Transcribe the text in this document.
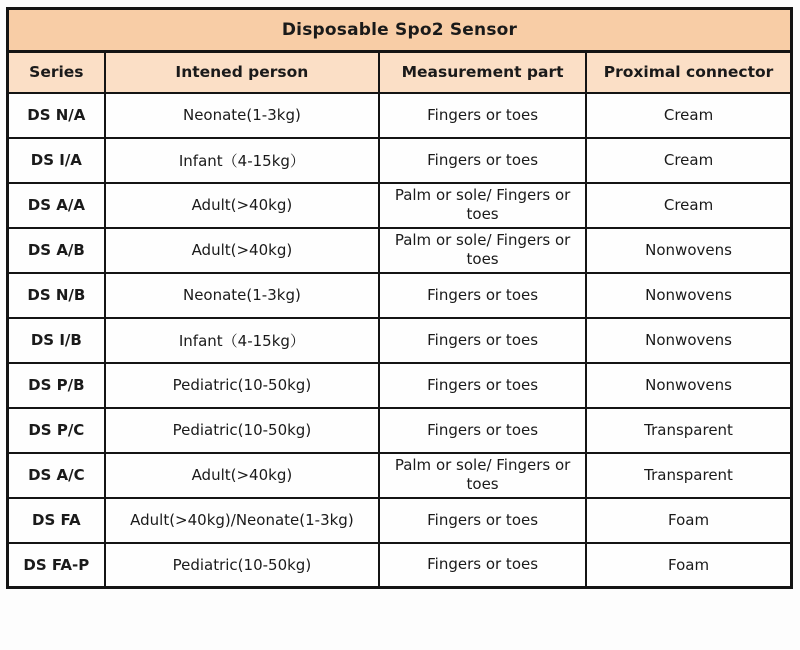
Disposable Spo2 Sensor			
Series	Intened person	Measurement part	Proximal connector
DS N/A	Neonate(1-3kg)	Fingers or toes	Cream
DS I/A	Infant（4-15kg）	Fingers or toes	Cream
DS A/A	Adult(>40kg)	Palm or sole/ Fingers or toes	Cream
DS A/B	Adult(>40kg)	Palm or sole/ Fingers or toes	Nonwovens
DS N/B	Neonate(1-3kg)	Fingers or toes	Nonwovens
DS I/B	Infant（4-15kg）	Fingers or toes	Nonwovens
DS P/B	Pediatric(10-50kg)	Fingers or toes	Nonwovens
DS P/C	Pediatric(10-50kg)	Fingers or toes	Transparent
DS A/C	Adult(>40kg)	Palm or sole/ Fingers or toes	Transparent
DS FA	Adult(>40kg)/Neonate(1-3kg)	Fingers or toes	Foam
DS FA-P	Pediatric(10-50kg)	Fingers or toes	Foam
